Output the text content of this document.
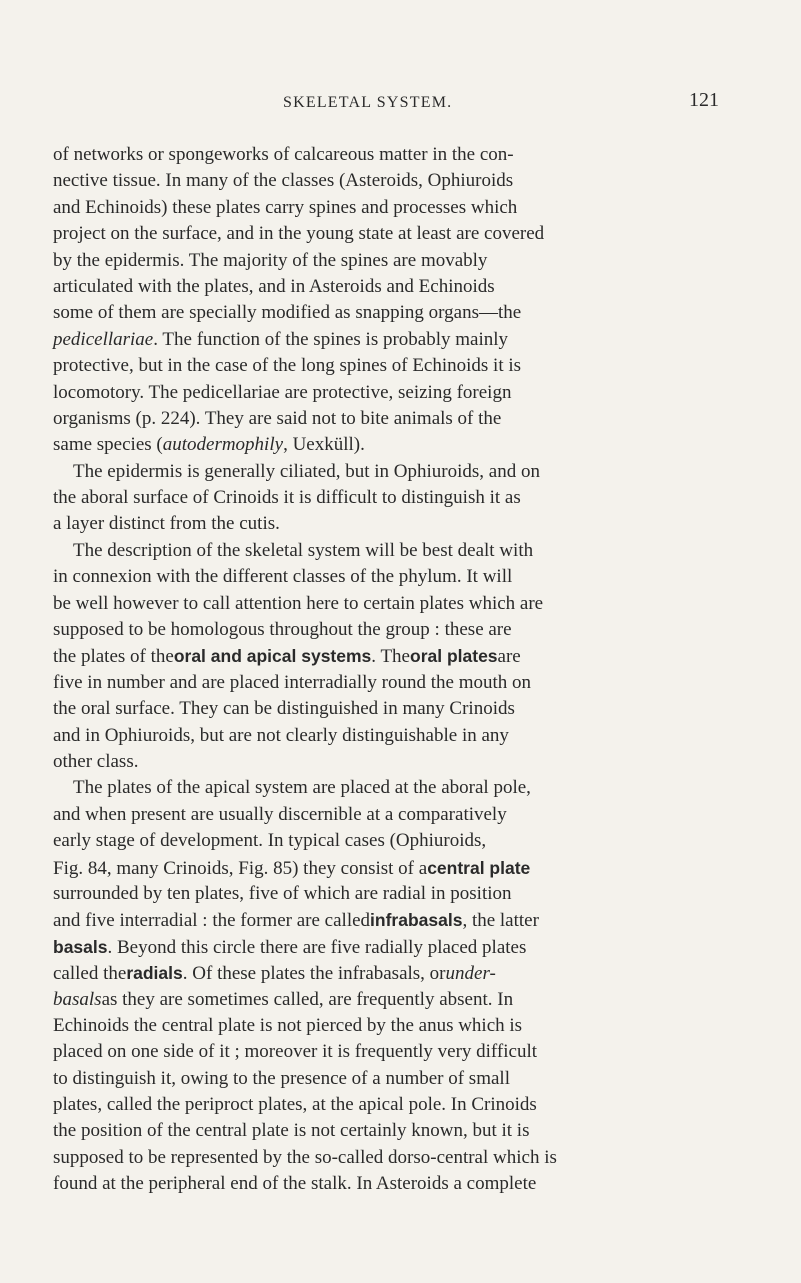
SKELETAL SYSTEM.	121
of networks or spongeworks of calcareous matter in the con-
nective tissue. In many of the classes (Asteroids, Ophiuroids
and Echinoids) these plates carry spines and processes which
project on the surface, and in the young state at least are covered
by the epidermis. The majority of the spines are movably
articulated with the plates, and in Asteroids and Echinoids
some of them are specially modified as snapping organs—the
pedicellariae. The function of the spines is probably mainly
protective, but in the case of the long spines of Echinoids it is
locomotory. The pedicellariae are protective, seizing foreign
organisms (p. 224). They are said not to bite animals of the
same species (autodermophily, Uexküll).
The epidermis is generally ciliated, but in Ophiuroids, and on
the aboral surface of Crinoids it is difficult to distinguish it as
a layer distinct from the cutis.
The description of the skeletal system will be best dealt with
in connexion with the different classes of the phylum. It will
be well however to call attention here to certain plates which are
supposed to be homologous throughout the group : these are
the plates of theoral and apical systems. Theoral platesare
five in number and are placed interradially round the mouth on
the oral surface. They can be distinguished in many Crinoids
and in Ophiuroids, but are not clearly distinguishable in any
other class.
The plates of the apical system are placed at the aboral pole,
and when present are usually discernible at a comparatively
early stage of development. In typical cases (Ophiuroids,
Fig. 84, many Crinoids, Fig. 85) they consist of acentral plate
surrounded by ten plates, five of which are radial in position
and five interradial : the former are calledinfrabasals, the latter
basals. Beyond this circle there are five radially placed plates
called theradials. Of these plates the infrabasals, orunder-
basalsas they are sometimes called, are frequently absent. In
Echinoids the central plate is not pierced by the anus which is
placed on one side of it ; moreover it is frequently very difficult
to distinguish it, owing to the presence of a number of small
plates, called the periproct plates, at the apical pole. In Crinoids
the position of the central plate is not certainly known, but it is
supposed to be represented by the so-called dorso-central which is
found at the peripheral end of the stalk. In Asteroids a complete
